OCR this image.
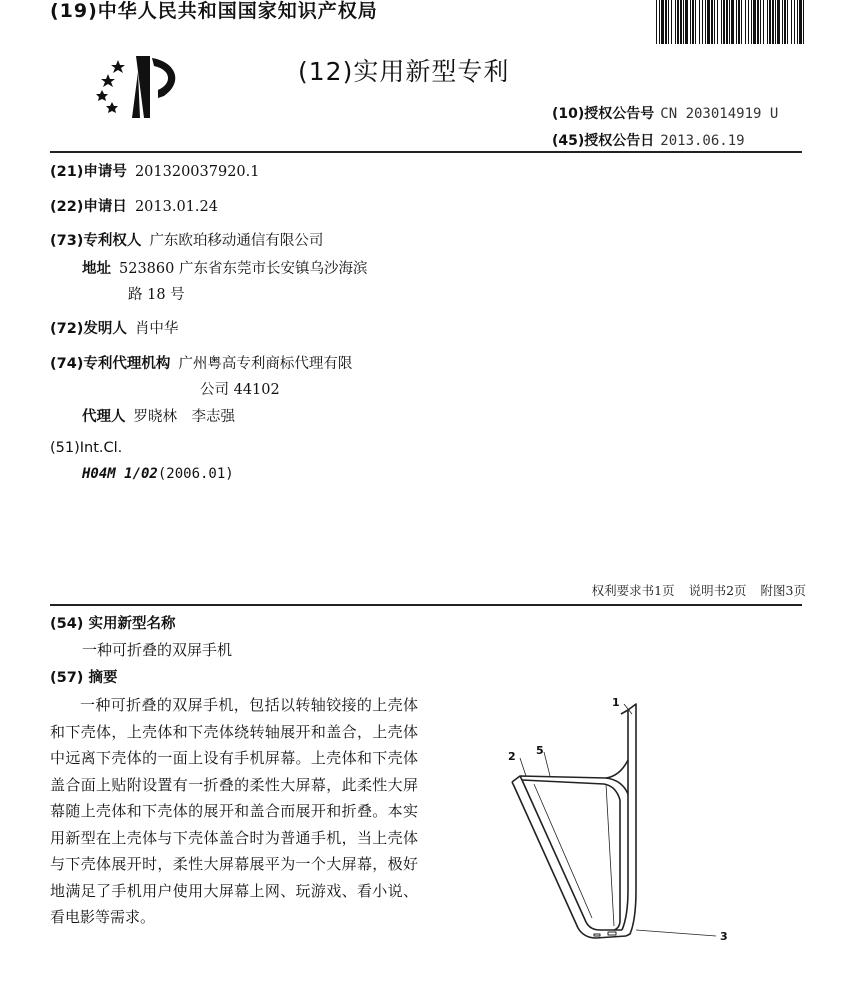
(19)中华人民共和国国家知识产权局
(12)实用新型专利
(10)授权公告号 CN 203014919 U
(45)授权公告日 2013.06.19
(21)申请号 201320037920.1
(22)申请日 2013.01.24
(73)专利权人 广东欧珀移动通信有限公司
地址 523860 广东省东莞市长安镇乌沙海滨
路 18 号
(72)发明人 肖中华
(74)专利代理机构 广州粤高专利商标代理有限
公司 44102
代理人 罗晓林　李志强
(51)Int.Cl.
H04M 1/02(2006.01)
权利要求书1页 说明书2页 附图3页
(54) 实用新型名称
一种可折叠的双屏手机
(57) 摘要

一种可折叠的双屏手机，包括以转轴铰接的上壳体和下壳体，上壳体和下壳体绕转轴展开和盖合，上壳体中远离下壳体的一面上设有手机屏幕。上壳体和下壳体盖合面上贴附设置有一折叠的柔性大屏幕，此柔性大屏幕随上壳体和下壳体的展开和盖合而展开和折叠。本实用新型在上壳体与下壳体盖合时为普通手机，当上壳体与下壳体展开时，柔性大屏幕展平为一个大屏幕，极好地满足了手机用户使用大屏幕上网、玩游戏、看小说、看电影等需求。

1
2 5
3
